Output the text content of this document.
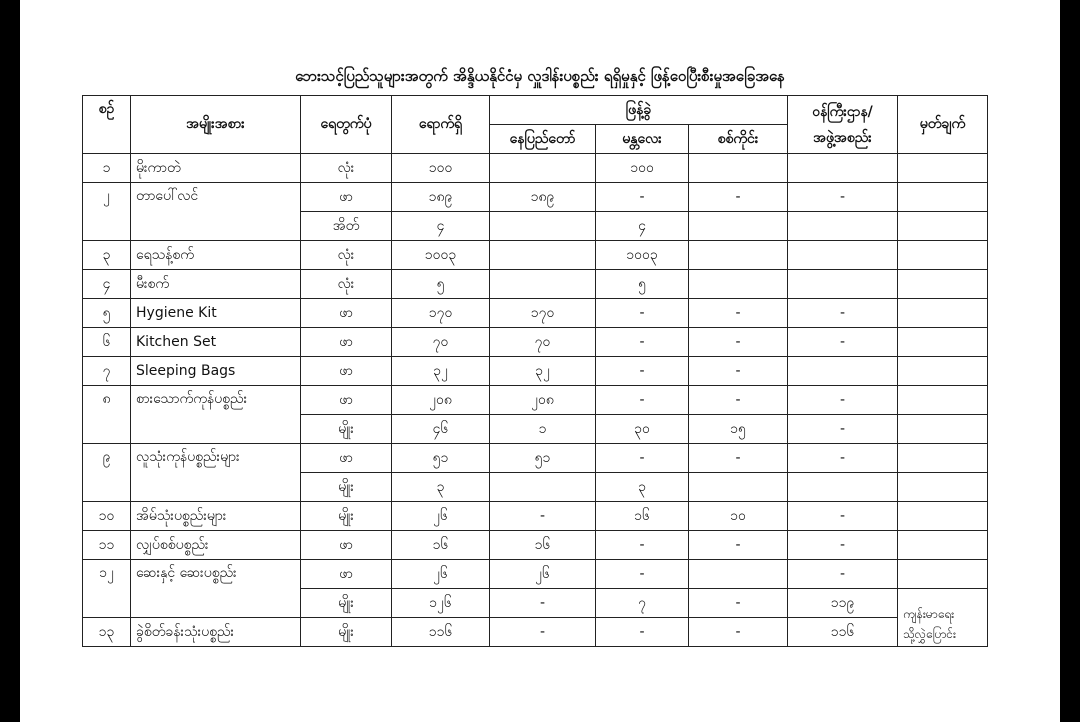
ဘေးသင့်ပြည်သူများအတွက် အိန္ဒိယနိုင်ငံမှ လှူဒါန်းပစ္စည်း ရရှိမှုနှင့် ဖြန့်ဝေပြီးစီးမှုအခြေအနေ
စဉ်	အမျိုးအစား	ရေတွက်ပုံ	ရောက်ရှိ	ဖြန့်ခွဲ			ဝန်ကြီးဌာန/
အဖွဲ့အစည်း	မှတ်ချက်
				နေပြည်တော်	မန္တလေး	စစ်ကိုင်း		
၁	မိုးကာတဲ	လုံး	၁၀၀		၁၀၀			
၂	တာပေါ်လင်	ဖာ	၁၈၉	၁၈၉	-	-	-	
		အိတ်	၄		၄			
၃	ရေသန့်စက်	လုံး	၁၀၀၃		၁၀၀၃			
၄	မီးစက်	လုံး	၅		၅			
၅	Hygiene Kit	ဖာ	၁၇၀	၁၇၀	-	-	-	
၆	Kitchen Set	ဖာ	၇၀	၇၀	-	-	-	
၇	Sleeping Bags	ဖာ	၃၂	၃၂	-	-		
၈	စားသောက်ကုန်ပစ္စည်း	ဖာ	၂၀၈	၂၀၈	-	-	-	
		မျိုး	၄၆	၁	၃၀	၁၅	-	
၉	လူသုံးကုန်ပစ္စည်းများ	ဖာ	၅၁	၅၁	-	-	-	
		မျိုး	၃		၃			
၁၀	အိမ်သုံးပစ္စည်းများ	မျိုး	၂၆	-	၁၆	၁၀	-	
၁၁	လျှပ်စစ်ပစ္စည်း	ဖာ	၁၆	၁၆	-	-	-	
၁၂	ဆေးနှင့် ဆေးပစ္စည်း	ဖာ	၂၆	၂၆	-		-	
		မျိုး	၁၂၆	-	၇	-	၁၁၉	ကျန်းမာရေး
သို့လွှဲပြောင်း
၁၃	ခွဲစိတ်ခန်းသုံးပစ္စည်း	မျိုး	၁၁၆	-	-	-	၁၁၆	
